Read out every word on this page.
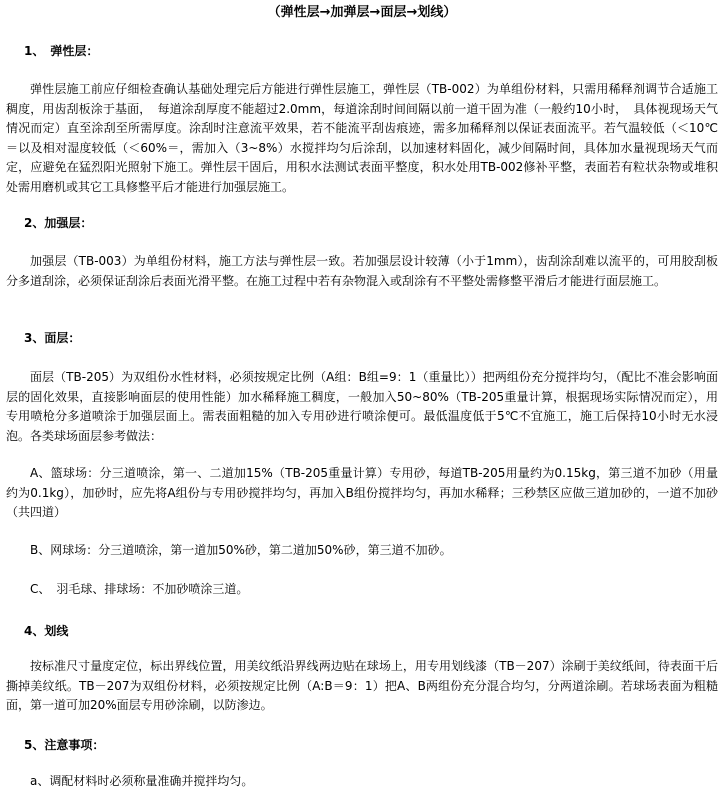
（弹性层→加弹层→面层→划线）
1、　弹性层：

弹性层施工前应仔细检查确认基础处理完后方能进行弹性层施工，弹性层（TB-002）为单组份材料，只需用稀释剂调节合适施工稠度，用齿刮板涂于基面，　每道涂刮厚度不能超过2.0mm，每道涂刮时间间隔以前一道干固为准（一般约10小时，　具体视现场天气情况而定）直至涂刮至所需厚度。涂刮时注意流平效果，若不能流平刮齿痕迹，需多加稀释剂以保证表面流平。若气温较低（＜10℃＝以及相对湿度较低（＜60%＝，需加入（3~8%）水搅拌均匀后涂刮，以加速材料固化，减少间隔时间，具体加水量视现场天气而定，应避免在猛烈阳光照射下施工。弹性层干固后，用积水法测试表面平整度，积水处用TB-002修补平整，表面若有粒状杂物或堆积处需用磨机或其它工具修整平后才能进行加强层施工。

2、加强层：

加强层（TB-003）为单组份材料，施工方法与弹性层一致。若加强层设计较薄（小于1mm），齿刮涂刮难以流平的，可用胶刮板分多道刮涂，必须保证刮涂后表面光滑平整。在施工过程中若有杂物混入或刮涂有不平整处需修整平滑后才能进行面层施工。

3、面层：

面层（TB-205）为双组份水性材料，必须按规定比例（A组：B组=9：1（重量比））把两组份充分搅拌均匀，（配比不准会影响面层的固化效果，直接影响面层的使用性能）加水稀释施工稠度，一般加入50~80%（TB-205重量计算，根据现场实际情况而定），用专用喷枪分多道喷涂于加强层面上。需表面粗糙的加入专用砂进行喷涂便可。最低温度低于5℃不宜施工，施工后保持10小时无水浸泡。各类球场面层参考做法：

A、篮球场：分三道喷涂，第一、二道加15%（TB-205重量计算）专用砂，每道TB-205用量约为0.15kg，第三道不加砂（用量约为0.1kg），加砂时，应先将A组份与专用砂搅拌均匀，再加入B组份搅拌均匀，再加水稀释；三秒禁区应做三道加砂的，一道不加砂（共四道）

B、网球场：分三道喷涂，第一道加50%砂，第二道加50%砂，第三道不加砂。

C、　羽毛球、排球场：不加砂喷涂三道。

4、划线

按标准尺寸量度定位，标出界线位置，用美纹纸沿界线两边贴在球场上，用专用划线漆（TB－207）涂刷于美纹纸间，待表面干后撕掉美纹纸。TB－207为双组份材料，必须按规定比例（A:B＝9：1）把A、B两组份充分混合均匀，分两道涂刷。若球场表面为粗糙面，第一道可加20%面层专用砂涂刷，以防渗边。

5、注意事项：

a、调配材料时必须称量准确并搅拌均匀。
